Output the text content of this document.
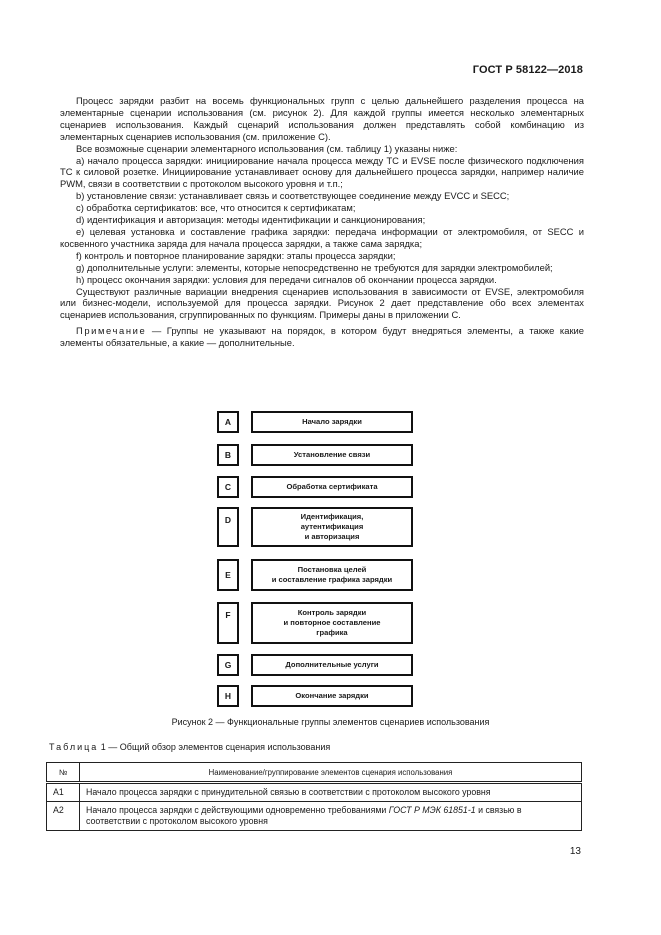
ГОСТ Р 58122—2018

Процесс зарядки разбит на восемь функциональных групп с целью дальнейшего разделения процесса на элементарные сценарии использования (см. рисунок 2). Для каждой группы имеется несколько элементарных сценариев использования. Каждый сценарий использования должен представлять собой комбинацию из элементарных сценариев использования (см. приложение С).

Все возможные сценарии элементарного использования (см. таблицу 1) указаны ниже:

a) начало процесса зарядки: инициирование начала процесса между ТС и EVSE после физического подключения ТС к силовой розетке. Инициирование устанавливает основу для дальнейшего процесса зарядки, например наличие PWM, связи в соответствии с протоколом высокого уровня и т.п.;

b) установление связи: устанавливает связь и соответствующее соединение между EVCC и SECC;

c) обработка сертификатов: все, что относится к сертификатам;

d) идентификация и авторизация: методы идентификации и санкционирования;

e) целевая установка и составление графика зарядки: передача информации от электромобиля, от SECC и косвенного участника заряда для начала процесса зарядки, а также сама зарядка;

f) контроль и повторное планирование зарядки: этапы процесса зарядки;

g) дополнительные услуги: элементы, которые непосредственно не требуются для зарядки электромобилей;

h) процесс окончания зарядки: условия для передачи сигналов об окончании процесса зарядки.

Существуют различные вариации внедрения сценариев использования в зависимости от EVSE, электромобиля или бизнес-модели, используемой для процесса зарядки. Рисунок 2 дает представление обо всех элементах сценариев использования, сгруппированных по функциям. Примеры даны в приложении С.

Примечание — Группы не указывают на порядок, в котором будут внедряться элементы, а также какие элементы обязательные, а какие — дополнительные.

A	Начало зарядки
B	Установление связи
C	Обработка сертификата
D	Идентификация,
аутентификация
и авторизация
E
Постановка целей
и составление графика зарядки
F	Контроль зарядки
и повторное составление
графика
G	Дополнительные услуги
H	Окончание зарядки
Рисунок 2 — Функциональные группы элементов сценариев использования
Таблица 1 — Общий обзор элементов сценария использования
№	Наименование/группирование элементов сценария использования
A1	Начало процесса зарядки с принудительной связью в соответствии с протоколом высокого уровня
A2	Начало процесса зарядки с действующими одновременно требованиями ГОСТ Р МЭК 61851-1 и связью в соответствии с протоколом высокого уровня
13
